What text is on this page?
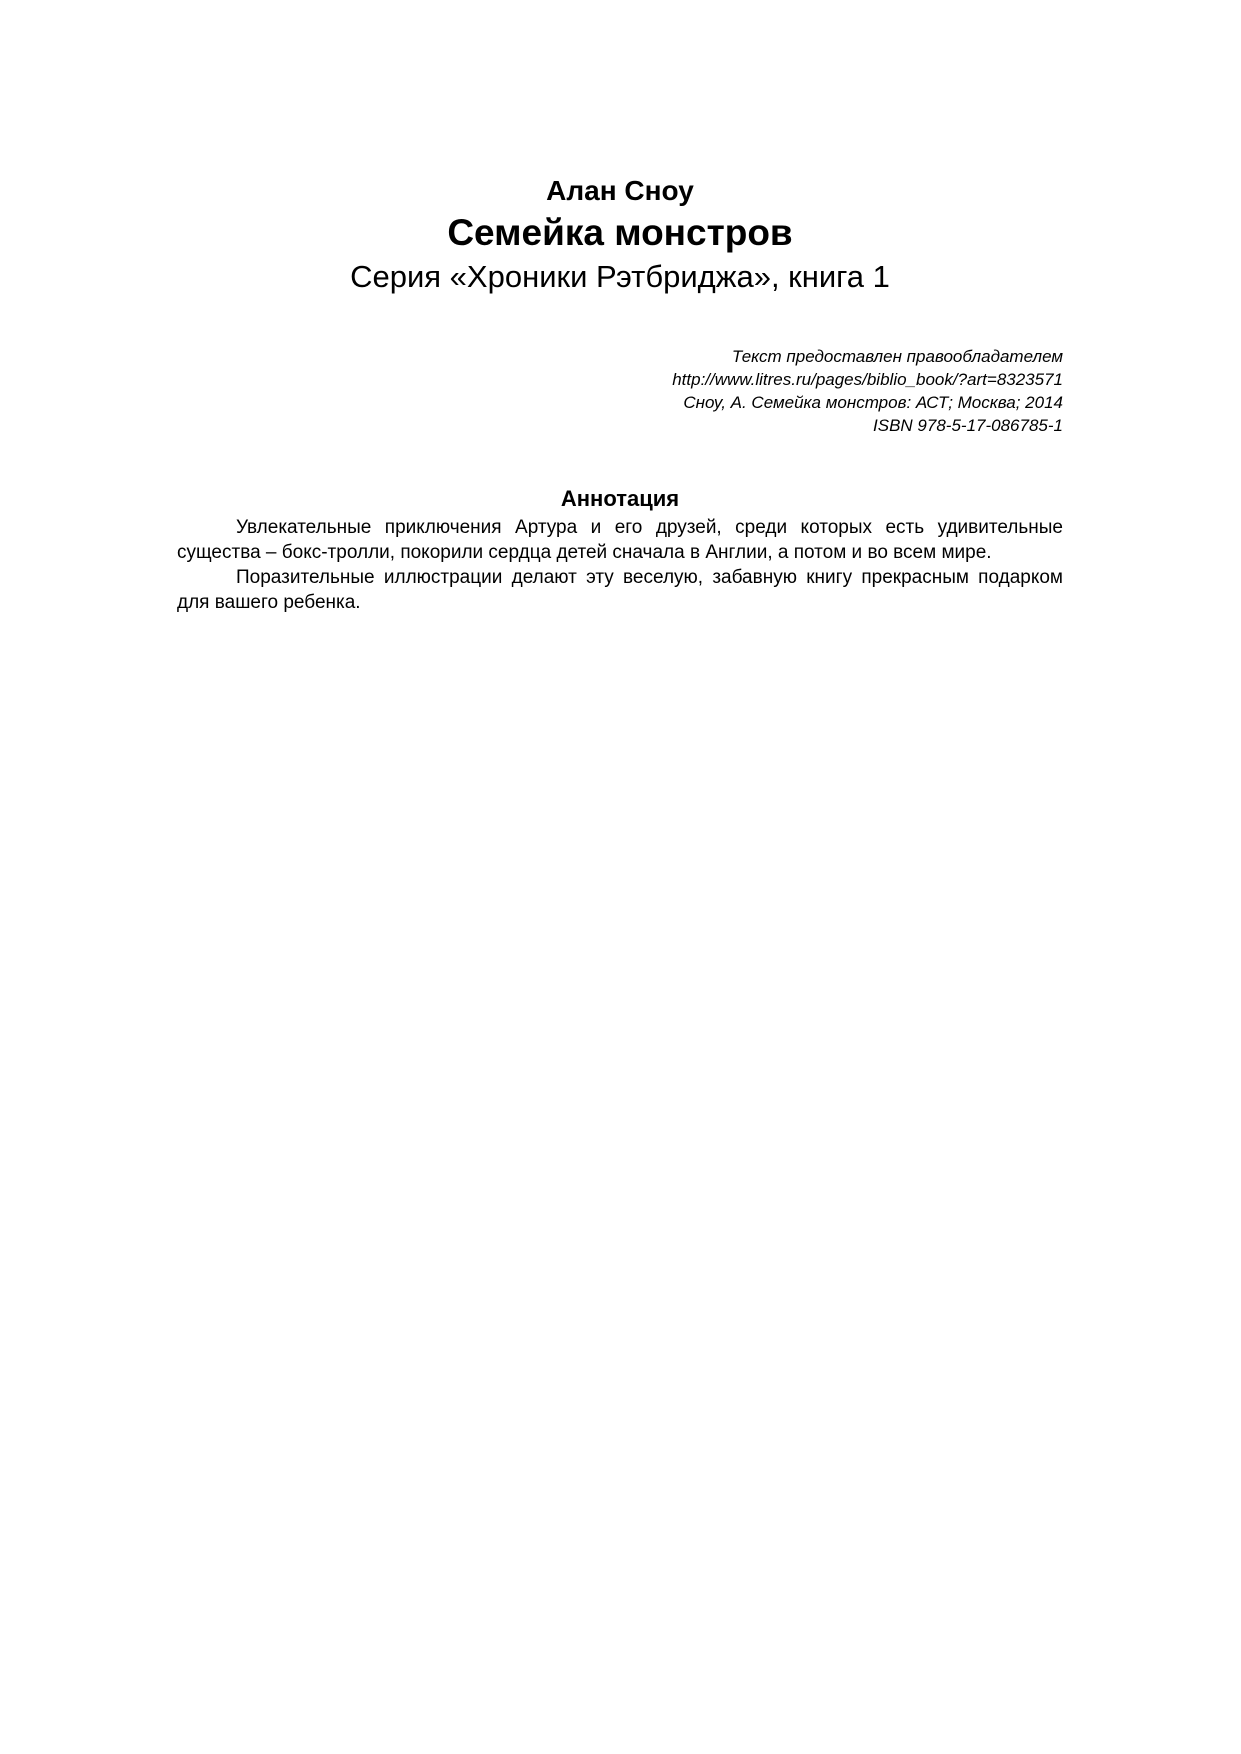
Алан Сноу
Семейка монстров
Серия «Хроники Рэтбриджа», книга 1
Текст предоставлен правообладателем
http://www.litres.ru/pages/biblio_book/?art=8323571
Сноу, А. Семейка монстров: АСТ; Москва; 2014
ISBN 978-5-17-086785-1
Аннотация

Увлекательные приключения Артура и его друзей, среди которых есть удивительные существа – бокс-тролли, покорили сердца детей сначала в Англии, а потом и во всем мире.

Поразительные иллюстрации делают эту веселую, забавную книгу прекрасным подарком для вашего ребенка.
